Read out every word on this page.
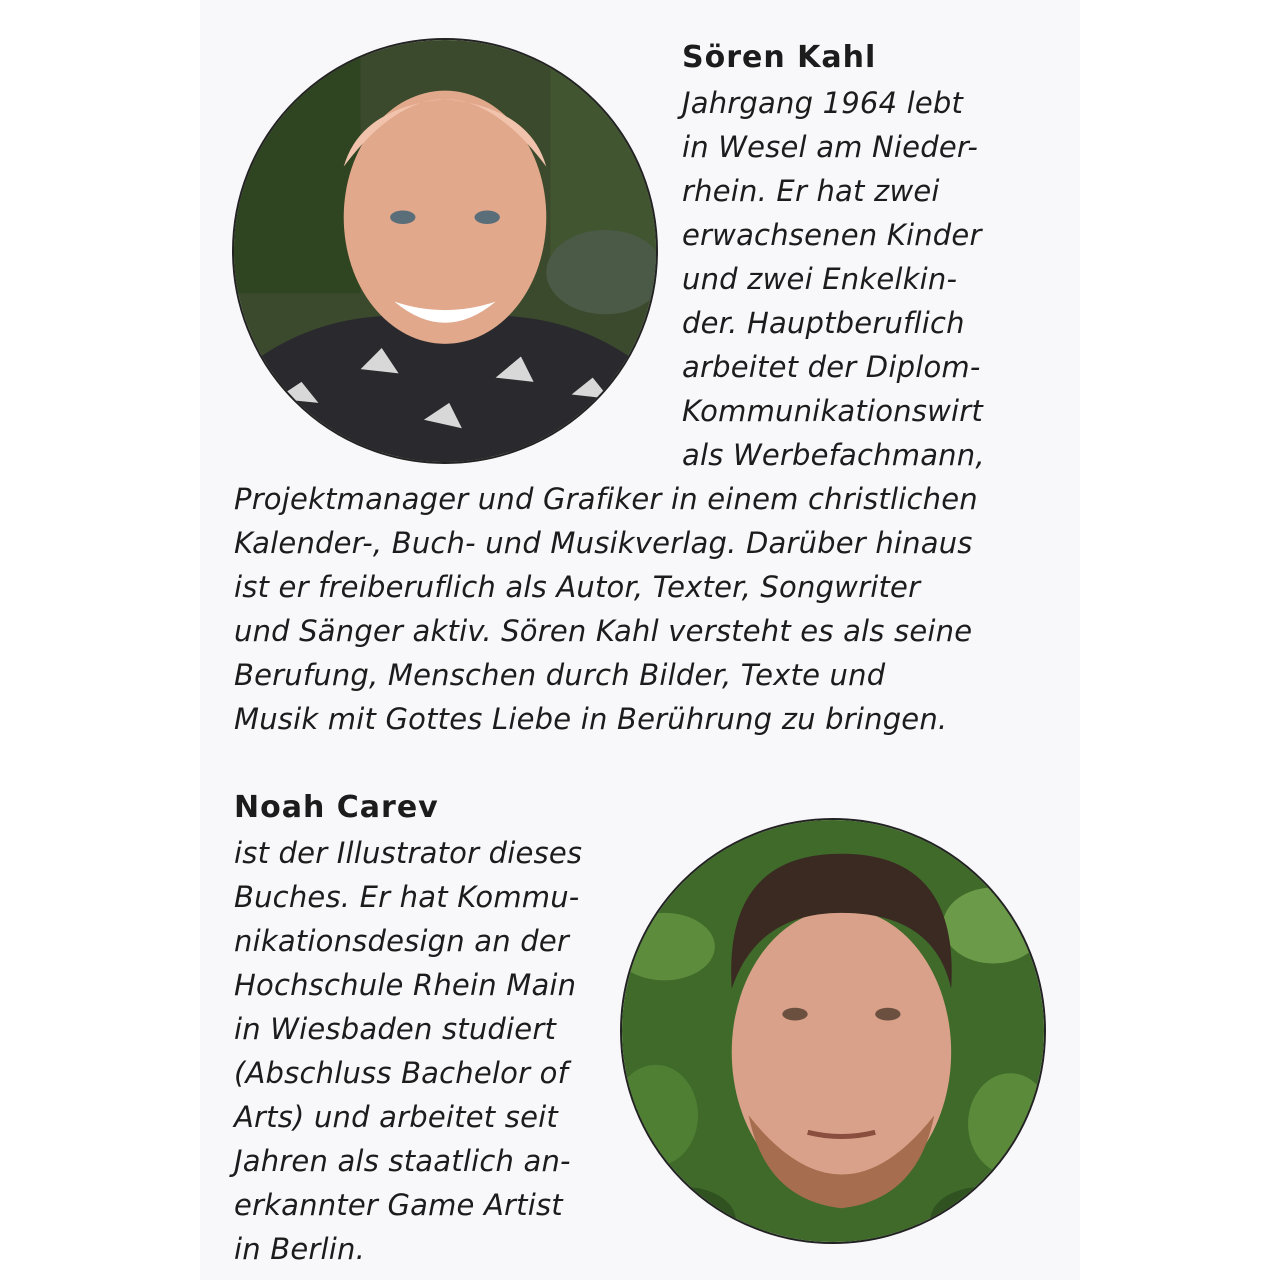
Sören Kahl

Jahrgang 1964 lebt

in Wesel am Nieder-

rhein. Er hat zwei

erwachsenen Kinder

und zwei Enkelkin-

der. Hauptberuflich

arbeitet der Diplom-

Kommunikationswirt

als Werbefachmann,

Projektmanager und Grafiker in einem christlichen

Kalender-, Buch- und Musikverlag. Darüber hinaus

ist er freiberuflich als Autor, Texter, Songwriter

und Sänger aktiv. Sören Kahl versteht es als seine

Berufung, Menschen durch Bilder, Texte und

Musik mit Gottes Liebe in Berührung zu bringen.

Noah Carev

ist der Illustrator dieses

Buches. Er hat Kommu-

nikationsdesign an der

Hochschule Rhein Main

in Wiesbaden studiert

(Abschluss Bachelor of

Arts) und arbeitet seit

Jahren als staatlich an-

erkannter Game Artist

in Berlin.
